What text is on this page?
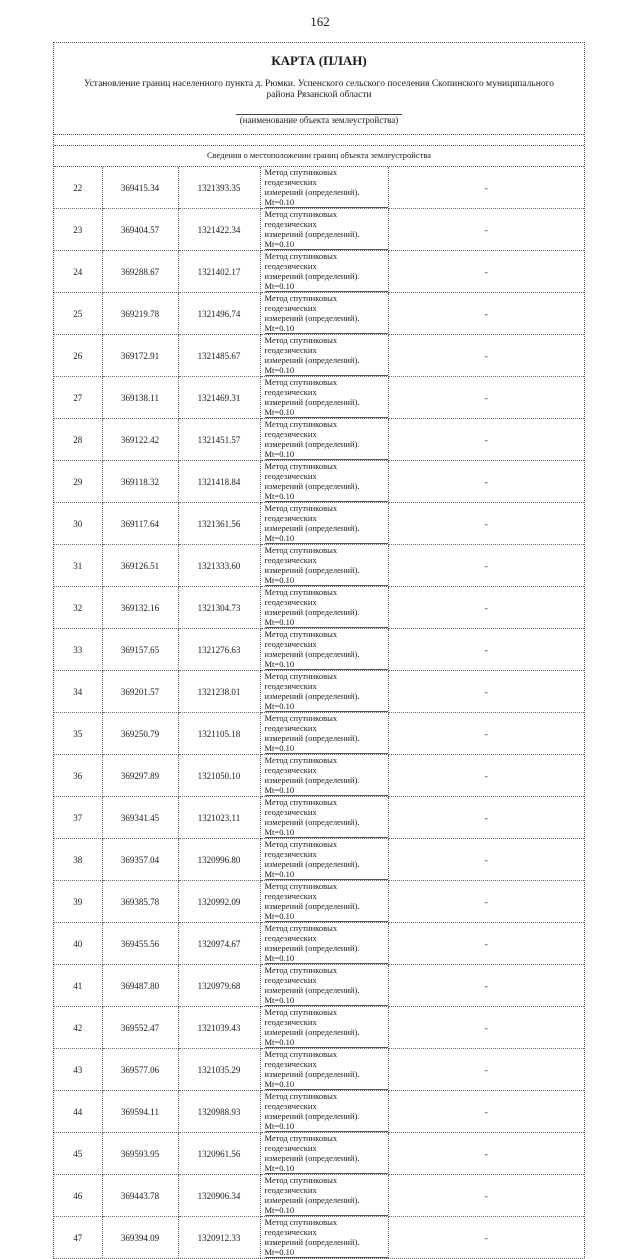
162
КАРТА (ПЛАН)
Установление границ населенного пункта д. Рюмки. Успенского сельского поселения Скопинского муниципального района Рязанской области
(наименование объекта землеустройства)
Сведения о местоположении границ объекта землеустройства
22	369415.34	1321393.35	Метод спутниковых геодезических
измерений (определений). Mt=0.10	-
23	369404.57	1321422.34	Метод спутниковых геодезических
измерений (определений). Mt=0.10	-
24	369288.67	1321402.17	Метод спутниковых геодезических
измерений (определений). Mt=0.10	-
25	369219.78	1321496.74	Метод спутниковых геодезических
измерений (определений). Mt=0.10	-
26	369172.91	1321485.67	Метод спутниковых геодезических
измерений (определений). Mt=0.10	-
27	369138.11	1321469.31	Метод спутниковых геодезических
измерений (определений). Mt=0.10	-
28	369122.42	1321451.57	Метод спутниковых геодезических
измерений (определений). Mt=0.10	-
29	369118.32	1321418.84	Метод спутниковых геодезических
измерений (определений). Mt=0.10	-
30	369117.64	1321361.56	Метод спутниковых геодезических
измерений (определений). Mt=0.10	-
31	369126.51	1321333.60	Метод спутниковых геодезических
измерений (определений). Mt=0.10	-
32	369132.16	1321304.73	Метод спутниковых геодезических
измерений (определений). Mt=0.10	-
33	369157.65	1321276.63	Метод спутниковых геодезических
измерений (определений). Mt=0.10	-
34	369201.57	1321238.01	Метод спутниковых геодезических
измерений (определений). Mt=0.10	-
35	369250.79	1321105.18	Метод спутниковых геодезических
измерений (определений). Mt=0.10	-
36	369297.89	1321050.10	Метод спутниковых геодезических
измерений (определений). Mt=0.10	-
37	369341.45	1321023.11	Метод спутниковых геодезических
измерений (определений). Mt=0.10	-
38	369357.04	1320996.80	Метод спутниковых геодезических
измерений (определений). Mt=0.10	-
39	369385.78	1320992.09	Метод спутниковых геодезических
измерений (определений). Mt=0.10	-
40	369455.56	1320974.67	Метод спутниковых геодезических
измерений (определений). Mt=0.10	-
41	369487.80	1320979.68	Метод спутниковых геодезических
измерений (определений). Mt=0.10	-
42	369552.47	1321039.43	Метод спутниковых геодезических
измерений (определений). Mt=0.10	-
43	369577.06	1321035.29	Метод спутниковых геодезических
измерений (определений). Mt=0.10	-
44	369594.11	1320988.93	Метод спутниковых геодезических
измерений (определений). Mt=0.10	-
45	369593.95	1320961.56	Метод спутниковых геодезических
измерений (определений). Mt=0.10	-
46	369443.78	1320906.34	Метод спутниковых геодезических
измерений (определений). Mt=0.10	-
47	369394.09	1320912.33	Метод спутниковых геодезических
измерений (определений). Mt=0.10	-
